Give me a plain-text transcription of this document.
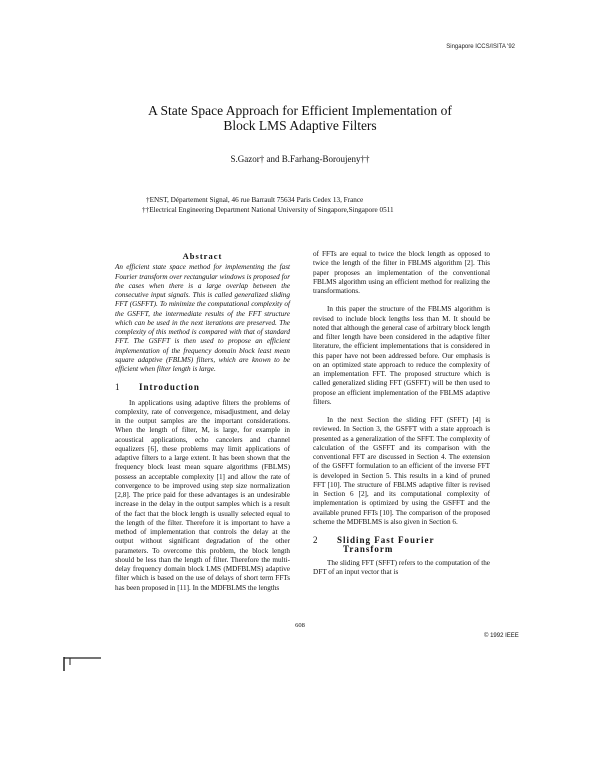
Singapore ICCS/ISITA '92
A State Space Approach for Efficient Implementation of
Block LMS Adaptive Filters
S.Gazor† and B.Farhang-Boroujeny††
†ENST, Département Signal, 46 rue Barrault 75634 Paris Cedex 13, France
††Electrical Engineering Department National University of Singapore,Singapore 0511
Abstract
An efficient state space method for implementing the fast Fourier transform over rectangular windows is proposed for the cases when there is a large overlap between the consecutive input signals. This is called generalized sliding FFT (GSFFT). To minimize the computational complexity of the GSFFT, the intermediate results of the FFT structure which can be used in the next iterations are preserved. The complexity of this method is compared with that of standard FFT. The GSFFT is then used to propose an efficient implementation of the frequency domain block least mean square adaptive (FBLMS) filters, which are known to be efficient when filter length is large.
1 Introduction

In applications using adaptive filters the problems of complexity, rate of convergence, misadjustment, and delay in the output samples are the important considerations. When the length of filter, M, is large, for example in acoustical applications, echo cancelers and channel equalizers [6], these problems may limit applications of adaptive filters to a large extent. It has been shown that the frequency block least mean square algorithms (FBLMS) possess an acceptable complexity [1] and allow the rate of convergence to be improved using step size normalization [2,8]. The price paid for these advantages is an undesirable increase in the delay in the output samples which is a result of the fact that the block length is usually selected equal to the length of the filter. Therefore it is important to have a method of implementation that controls the delay at the output without significant degradation of the other parameters. To overcome this problem, the block length should be less than the length of filter. Therefore the multi-delay frequency domain block LMS (MDFBLMS) adaptive filter which is based on the use of delays of short term FFTs has been proposed in [11]. In the MDFBLMS the lengths

of FFTs are equal to twice the block length as opposed to twice the length of the filter in FBLMS algorithm [2]. This paper proposes an implementation of the conventional FBLMS algorithm using an efficient method for realizing the transformations.

In this paper the structure of the FBLMS algorithm is revised to include block lengths less than M. It should be noted that although the general case of arbitrary block length and filter length have been considered in the adaptive filter literature, the efficient implementations that is considered in this paper have not been addressed before. Our emphasis is on an optimized state approach to reduce the complexity of an implementation FFT. The proposed structure which is called generalized sliding FFT (GSFFT) will be then used to propose an efficient implementation of the FBLMS adaptive filters.

In the next Section the sliding FFT (SFFT) [4] is reviewed. In Section 3, the GSFFT with a state approach is presented as a generalization of the SFFT. The complexity of calculation of the GSFFT and its comparison with the conventional FFT are discussed in Section 4. The extension of the GSFFT formulation to an efficient of the inverse FFT is developed in Section 5. This results in a kind of pruned FFT [10]. The structure of FBLMS adaptive filter is revised in Section 6 [2], and its computational complexity of implementation is optimized by using the GSFFT and the available pruned FFTs [10]. The comparison of the proposed scheme the MDFBLMS is also given in Section 6.

2	Sliding Fast Fourier
Transform

The sliding FFT (SFFT) refers to the computation of the DFT of an input vector that is

608
© 1992 IEEE
